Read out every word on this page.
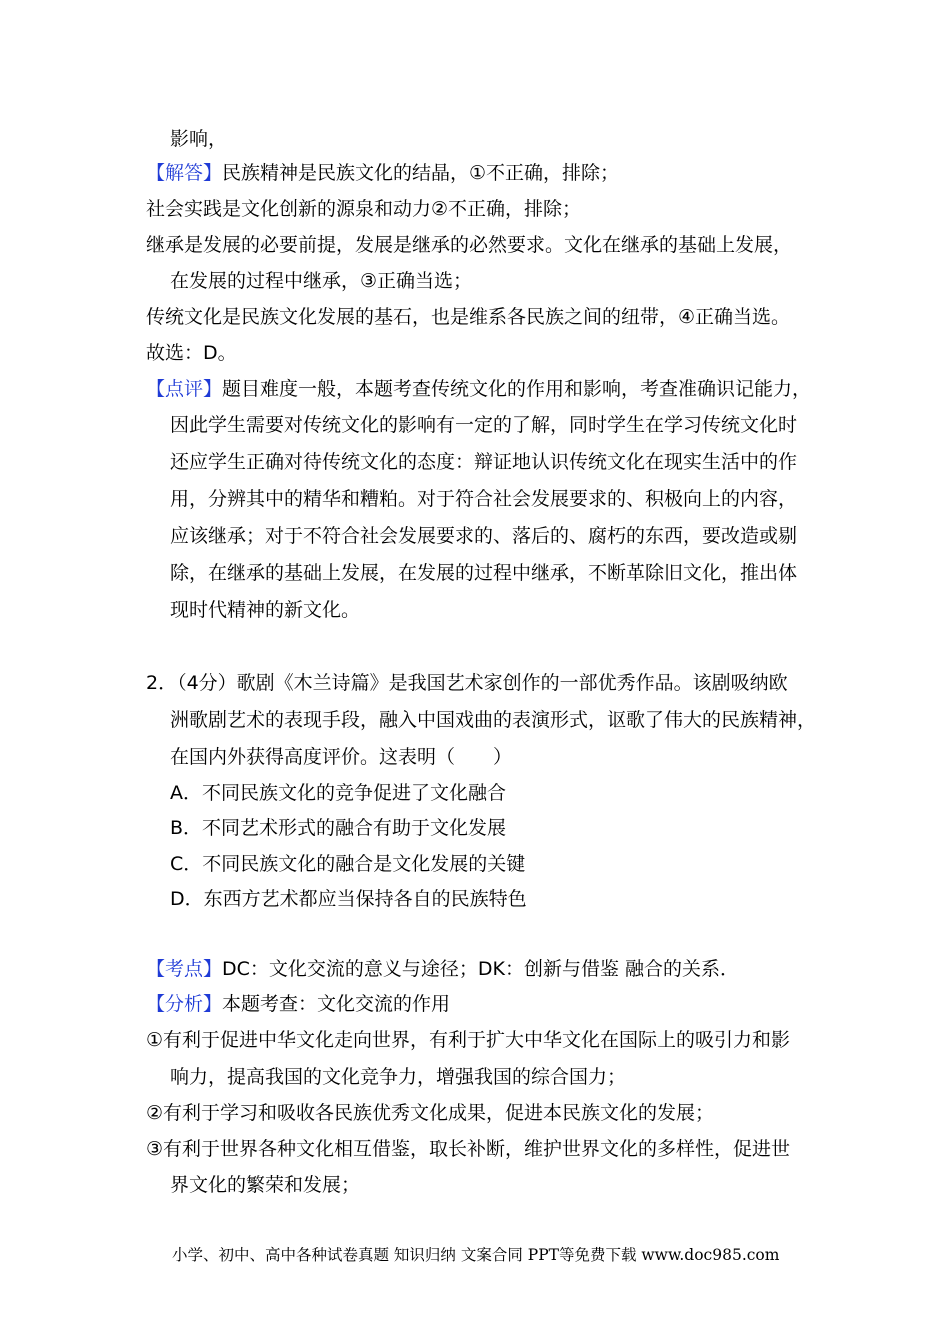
影响，
【解答】民族精神是民族文化的结晶，①不正确，排除；
社会实践是文化创新的源泉和动力②不正确，排除；
继承是发展的必要前提，发展是继承的必然要求。文化在继承的基础上发展，
在发展的过程中继承，③正确当选；
传统文化是民族文化发展的基石，也是维系各民族之间的纽带，④正确当选。
故选：D。
【点评】题目难度一般，本题考查传统文化的作用和影响，考查准确识记能力，
因此学生需要对传统文化的影响有一定的了解，同时学生在学习传统文化时
还应学生正确对待传统文化的态度：辩证地认识传统文化在现实生活中的作
用，分辨其中的精华和糟粕。对于符合社会发展要求的、积极向上的内容，
应该继承；对于不符合社会发展要求的、落后的、腐朽的东西，要改造或剔
除，在继承的基础上发展，在发展的过程中继承，不断革除旧文化，推出体
现时代精神的新文化。
2．（4分）歌剧《木兰诗篇》是我国艺术家创作的一部优秀作品。该剧吸纳欧
洲歌剧艺术的表现手段，融入中国戏曲的表演形式，讴歌了伟大的民族精神，
在国内外获得高度评价。这表明（　　）
A．不同民族文化的竞争促进了文化融合
B．不同艺术形式的融合有助于文化发展
C．不同民族文化的融合是文化发展的关键
D．东西方艺术都应当保持各自的民族特色
【考点】DC：文化交流的意义与途径；DK：创新与借鉴 融合的关系．
【分析】本题考查：文化交流的作用
①有利于促进中华文化走向世界，有利于扩大中华文化在国际上的吸引力和影
响力，提高我国的文化竞争力，增强我国的综合国力；
②有利于学习和吸收各民族优秀文化成果，促进本民族文化的发展；
③有利于世界各种文化相互借鉴，取长补断，维护世界文化的多样性，促进世
界文化的繁荣和发展；
小学、初中、高中各种试卷真题 知识归纳 文案合同 PPT等免费下载 www.doc985.com
